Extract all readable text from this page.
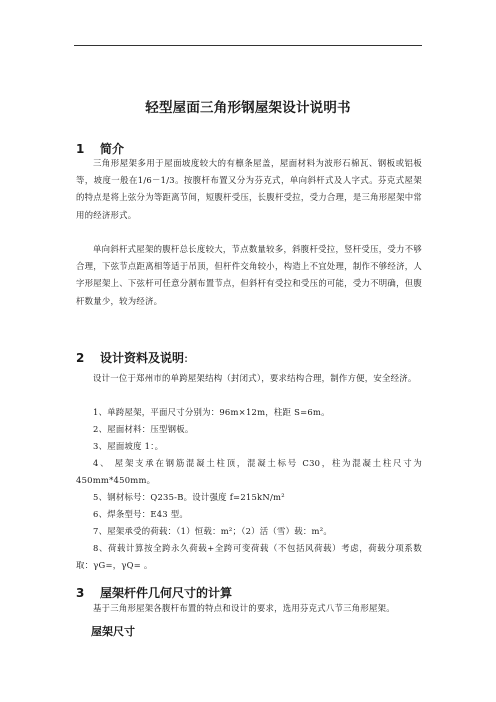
轻型屋面三角形钢屋架设计说明书
1 简介
三角形屋架多用于屋面坡度较大的有檩条屋盖，屋面材料为波形石棉瓦、钢板或铝板等，坡度一般在1/6－1/3。按腹杆布置又分为芬克式，单向斜杆式及人字式。芬克式屋架的特点是将上弦分为等距离节间，短腹杆受压，长腹杆受拉，受力合理，是三角形屋架中常用的经济形式。
单向斜杆式屋架的腹杆总长度较大，节点数量较多，斜腹杆受拉，竖杆受压，受力不够合理，下弦节点距离相等适于吊顶，但杆件交角较小，构造上不宜处理，制作不够经济，人字形屋架上、下弦杆可任意分割布置节点，但斜杆有受拉和受压的可能，受力不明确，但腹杆数量少，较为经济。
2 设计资料及说明:
设计一位于郑州市的单跨屋架结构（封闭式），要求结构合理，制作方便，安全经济。
1、单跨屋架，平面尺寸分别为：96m×12m，柱距 S=6m。
2、屋面材料：压型钢板。
3、屋面坡度 1：。
4、 屋架支承在钢筋混凝土柱顶，混凝土标号 C30，柱为混凝土柱尺寸为450mm*450mm。
5、钢材标号：Q235-B。设计强度 f=215kN/m²
6、焊条型号：E43 型。
7、屋架承受的荷载：（1）恒载：m²；（2）活（雪）载：m²。
8、荷载计算按全跨永久荷载+全跨可变荷载（不包括风荷载）考虑，荷载分项系数取：γG=，γQ= 。
3 屋架杆件几何尺寸的计算
基于三角形屋架各腹杆布置的特点和设计的要求，选用芬克式八节三角形屋架。
屋架尺寸
